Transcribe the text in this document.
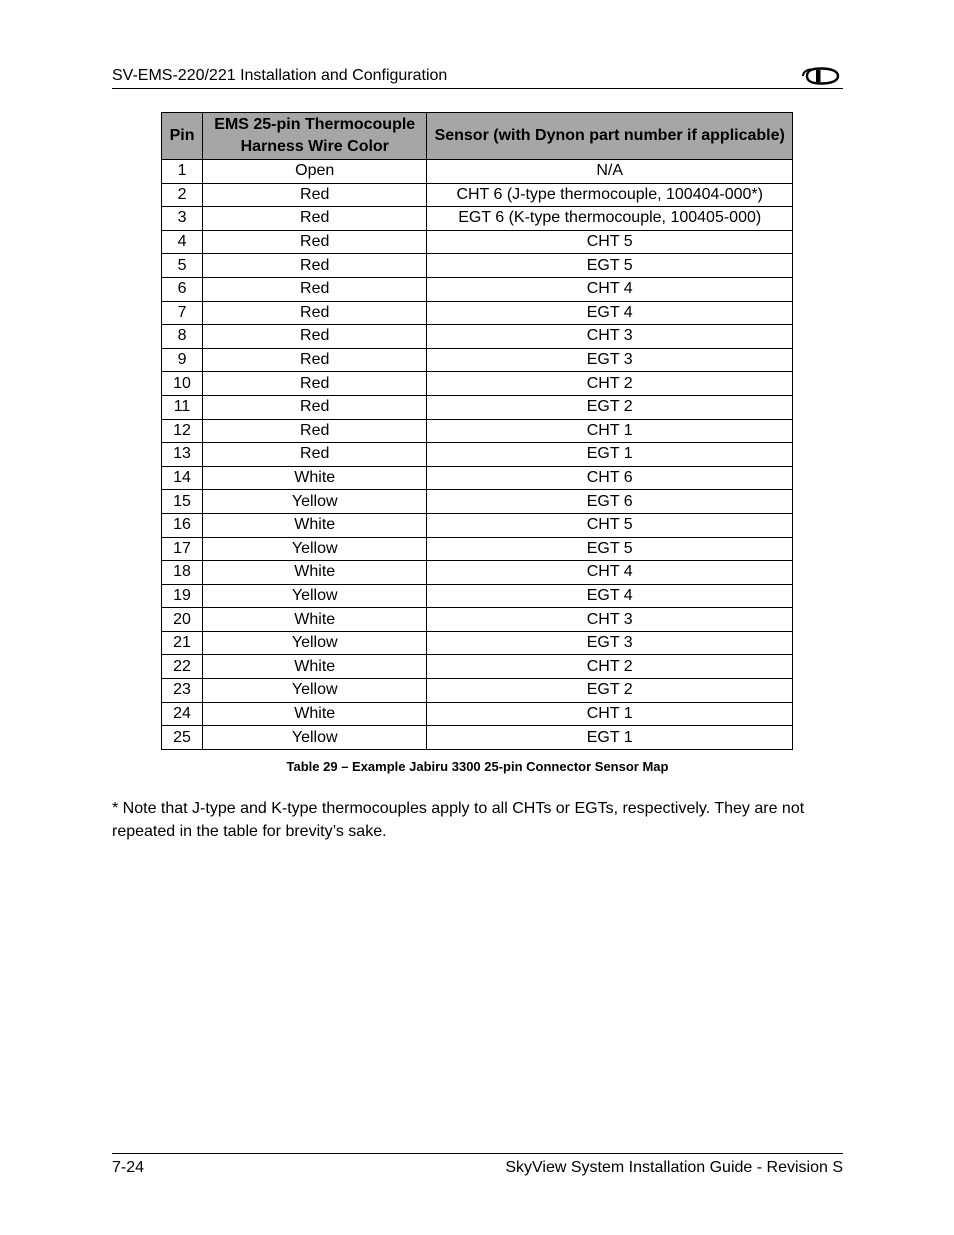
SV-EMS-220/221 Installation and Configuration
Pin	EMS 25-pin Thermocouple Harness Wire Color	Sensor (with Dynon part number if applicable)
1	Open	N/A
2	Red	CHT 6 (J-type thermocouple, 100404-000*)
3	Red	EGT 6 (K-type thermocouple, 100405-000)
4	Red	CHT 5
5	Red	EGT 5
6	Red	CHT 4
7	Red	EGT 4
8	Red	CHT 3
9	Red	EGT 3
10	Red	CHT 2
11	Red	EGT 2
12	Red	CHT 1
13	Red	EGT 1
14	White	CHT 6
15	Yellow	EGT 6
16	White	CHT 5
17	Yellow	EGT 5
18	White	CHT 4
19	Yellow	EGT 4
20	White	CHT 3
21	Yellow	EGT 3
22	White	CHT 2
23	Yellow	EGT 2
24	White	CHT 1
25	Yellow	EGT 1
Table 29 – Example Jabiru 3300 25-pin Connector Sensor Map
* Note that J-type and K-type thermocouples apply to all CHTs or EGTs, respectively. They are not repeated in the table for brevity’s sake.
7-24	SkyView System Installation Guide - Revision S
